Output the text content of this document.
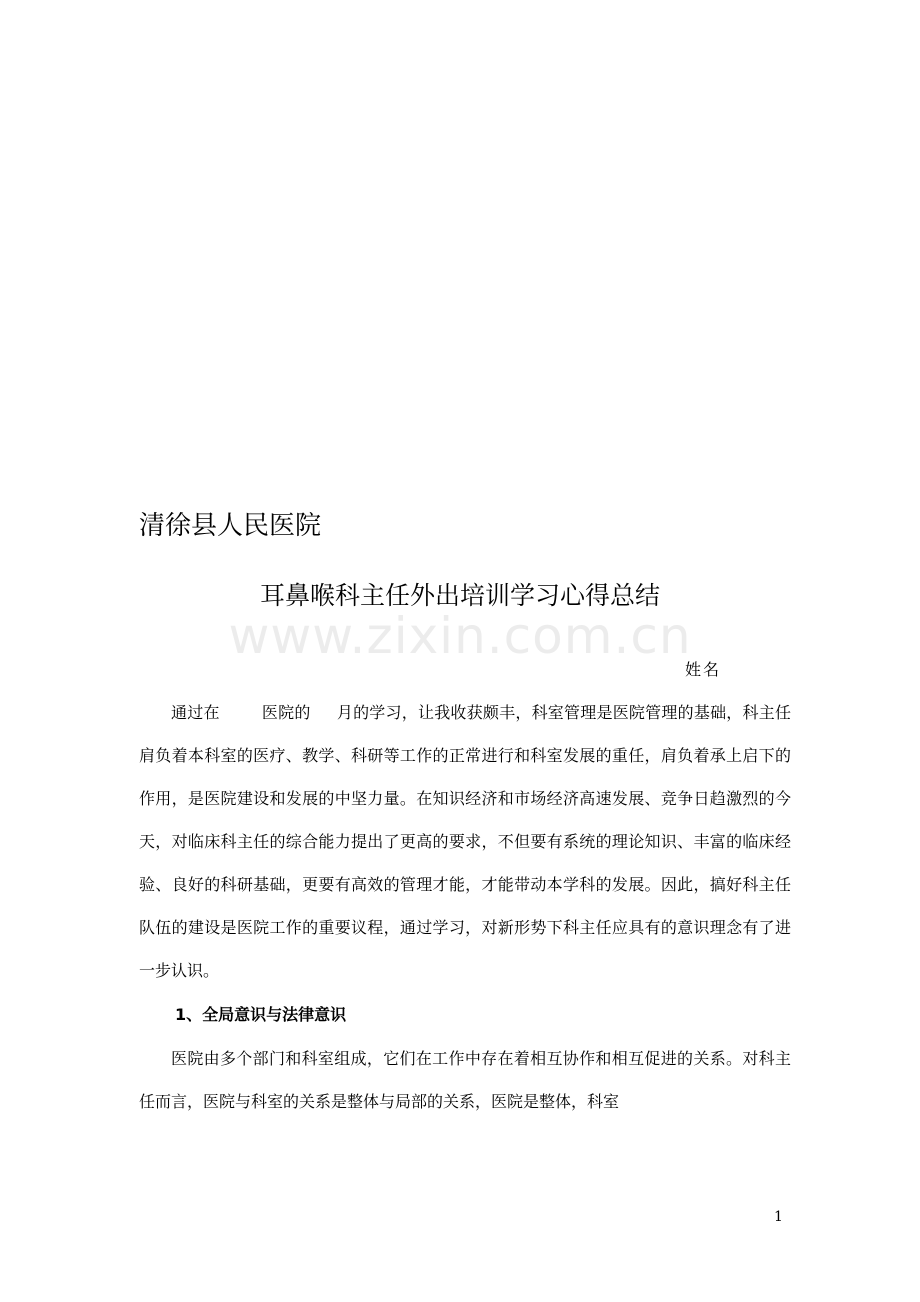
清徐县人民医院
耳鼻喉科主任外出培训学习心得总结
www.zixin.com.cn
姓名

通过在	医院的 月的学习，让我收获颇丰，科室管理是医院管理的基础，科主任肩负着本科室的医疗、教学、科研等工作的正常进行和科室发展的重任，肩负着承上启下的作用，是医院建设和发展的中坚力量。在知识经济和市场经济高速发展、竞争日趋激烈的今天，对临床科主任的综合能力提出了更高的要求，不但要有系统的理论知识、丰富的临床经验、良好的科研基础，更要有高效的管理才能，才能带动本学科的发展。因此，搞好科主任队伍的建设是医院工作的重要议程，通过学习，对新形势下科主任应具有的意识理念有了进一步认识。

1、全局意识与法律意识

医院由多个部门和科室组成，它们在工作中存在着相互协作和相互促进的关系。对科主任而言，医院与科室的关系是整体与局部的关系，医院是整体，科室

1
